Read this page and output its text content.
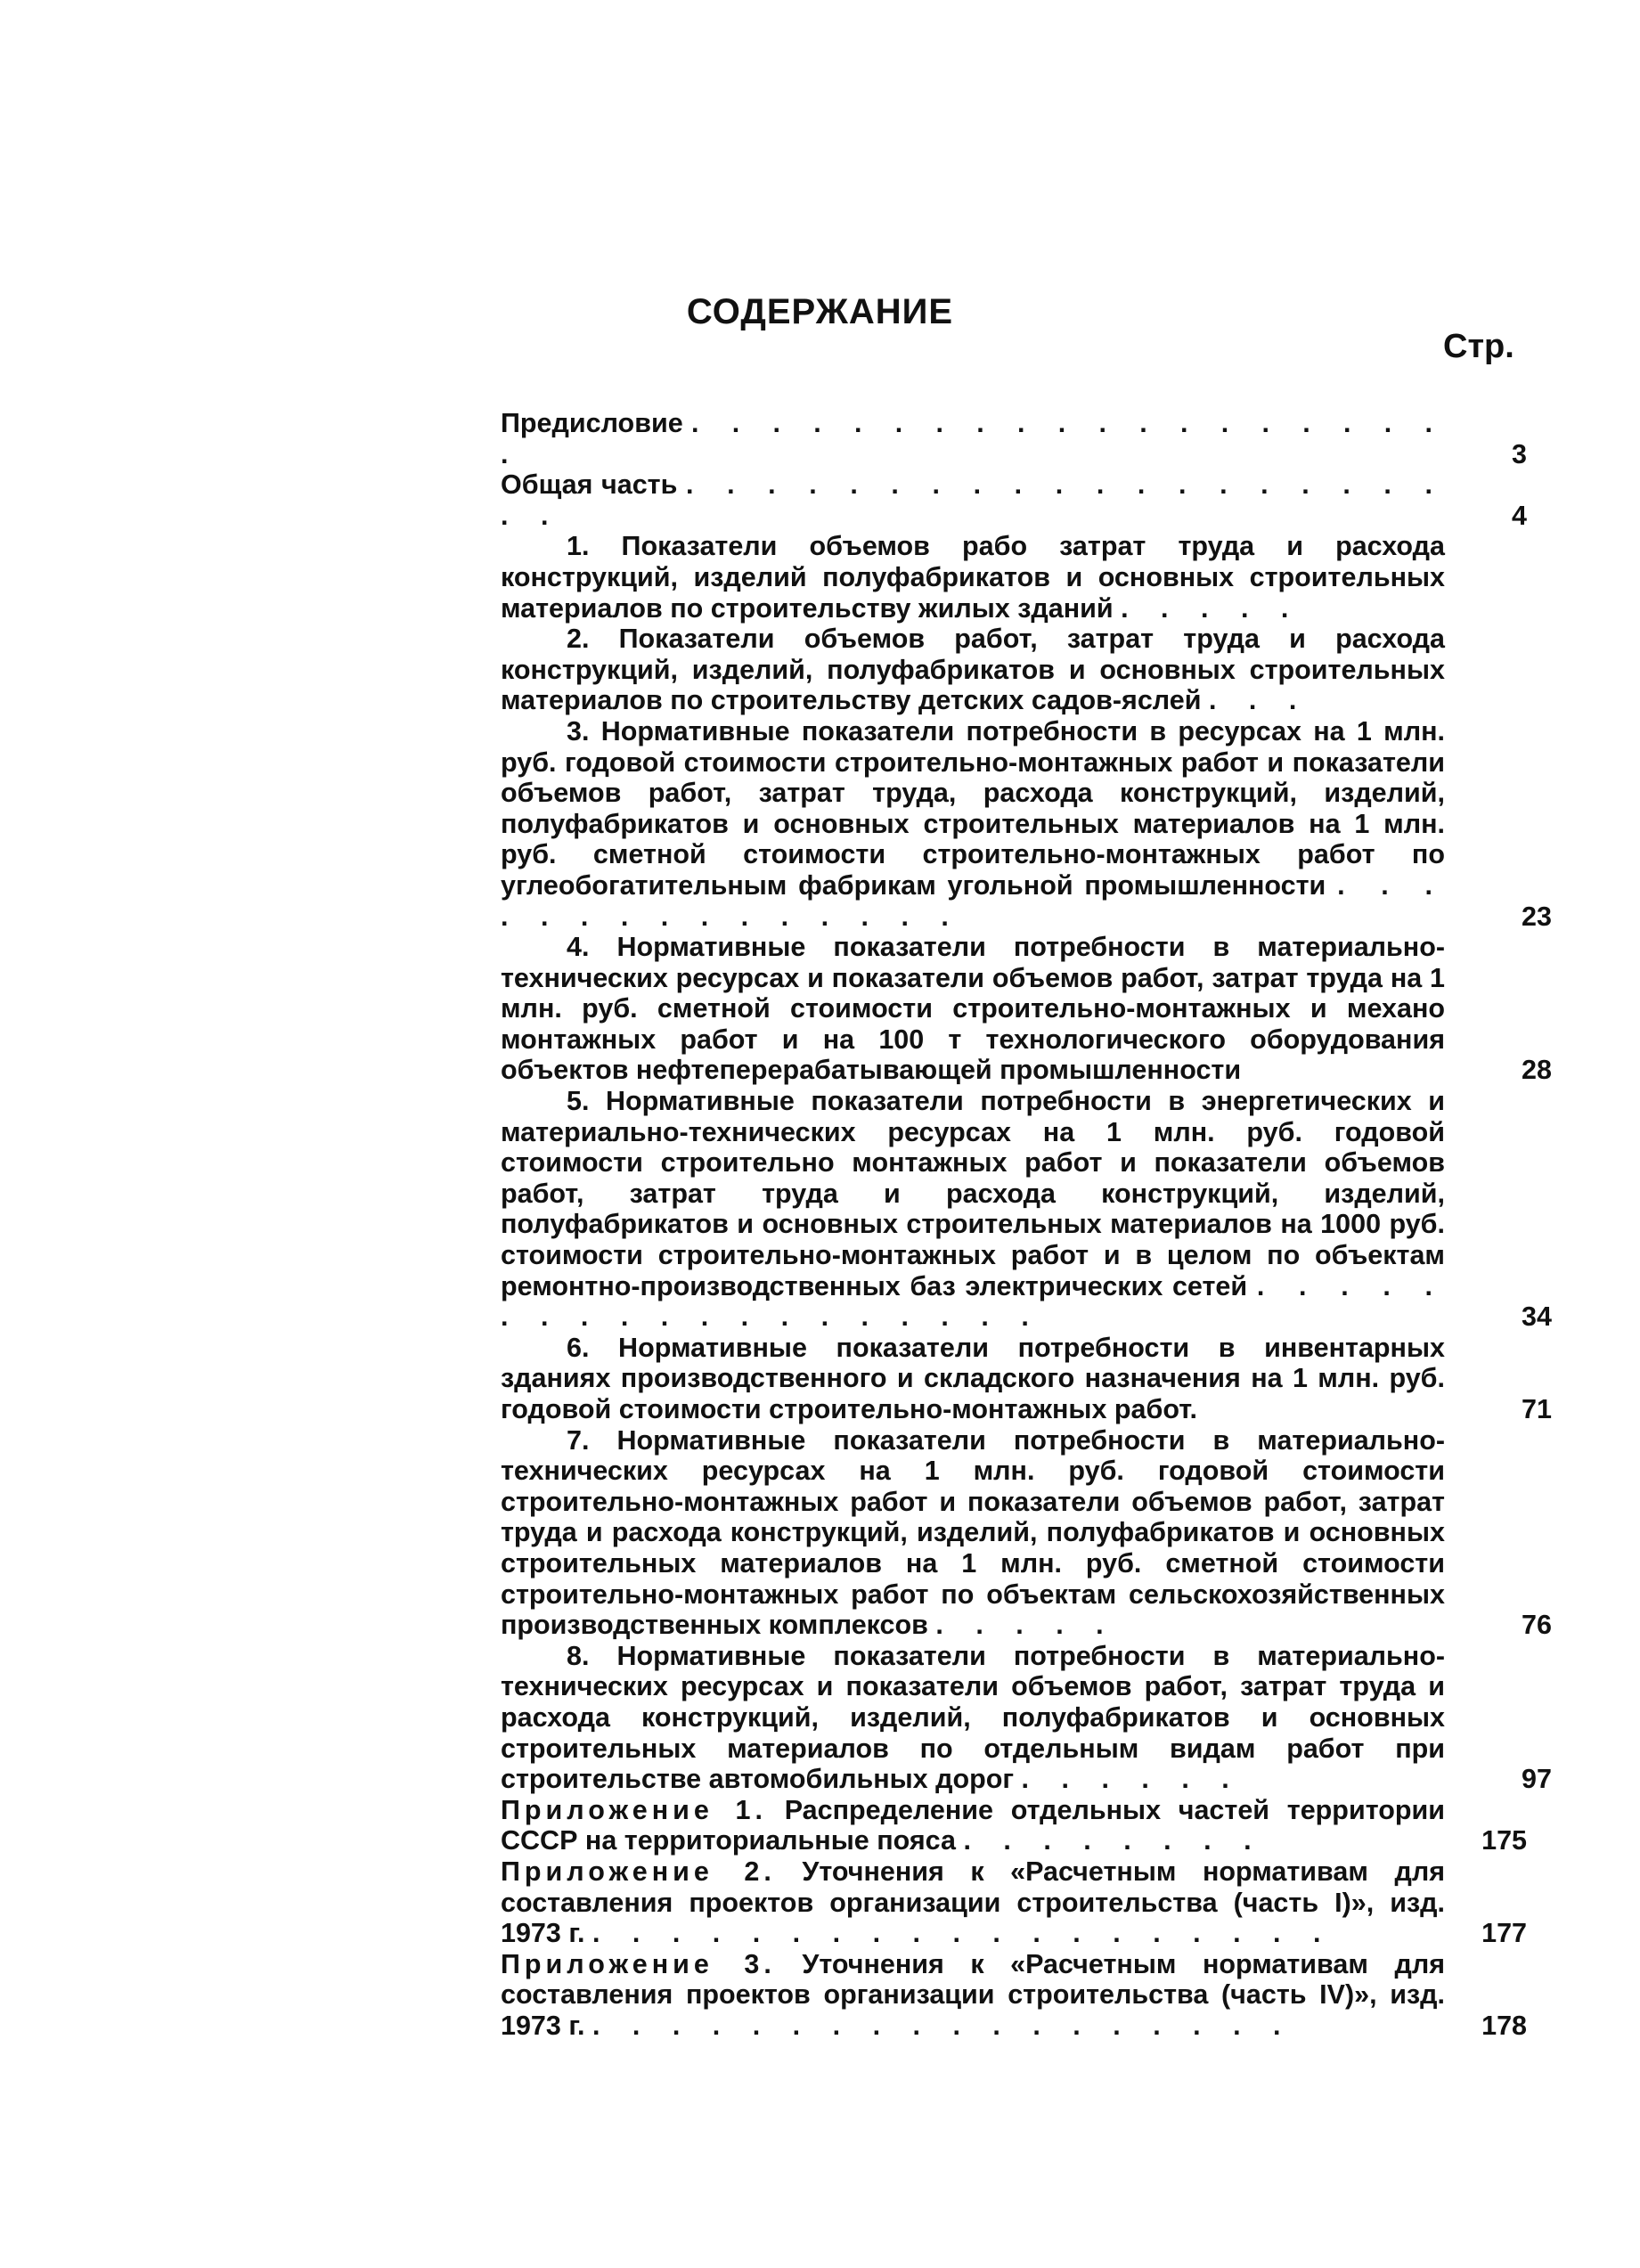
СОДЕРЖАНИЕ
Стр.
Предисловие . . . . . . . . . . . . . . . . . . . .	3
Общая часть . . . . . . . . . . . . . . . . . . . . .	4
1. Показатели объемов рабо затрат труда и расхода конструкций, изделий полуфабрикатов и основных строительных материалов по строительству жилых зданий . . . . .
2. Показатели объемов работ, затрат труда и расхода конструкций, изделий, полуфабрикатов и основных строительных материалов по строительству детских садов-яслей . . .
3. Нормативные показатели потребности в ресурсах на 1 млн. руб. годовой стоимости строительно-монтажных работ и показатели объемов работ, затрат труда, расхода конструкций, изделий, полуфабрикатов и основных строительных материалов на 1 млн. руб. сметной стоимости строительно-монтажных работ по углеобогатительным фабрикам угольной промышленности . . . . . . . . . . . . . . .	23
4. Нормативные показатели потребности в материально-технических ресурсах и показатели объемов работ, затрат труда на 1 млн. руб. сметной стоимости строительно-монтажных и механо монтажных работ и на 100 т технологического оборудования объектов нефтеперерабатывающей промышленности	28
5. Нормативные показатели потребности в энергетических и материально-технических ресурсах на 1 млн. руб. годовой стоимости строительно монтажных работ и показатели объемов работ, затрат труда и расхода конструкций, изделий, полуфабрикатов и основных строительных материалов на 1000 руб. стоимости строительно-монтажных работ и в целом по объектам ремонтно-производственных баз электрических сетей . . . . . . . . . . . . . . . . . . .	34
6. Нормативные показатели потребности в инвентарных зданиях производственного и складского назначения на 1 млн. руб. годовой стоимости строительно-монтажных работ.	71
7. Нормативные показатели потребности в материально-технических ресурсах на 1 млн. руб. годовой стоимости строительно-монтажных работ и показатели объемов работ, затрат труда и расхода конструкций, изделий, полуфабрикатов и основных строительных материалов на 1 млн. руб. сметной стоимости строительно-монтажных работ по объектам сельскохозяйственных производственных комплексов . . . . .	76
8. Нормативные показатели потребности в материально-технических ресурсах и показатели объемов работ, затрат труда и расхода конструкций, изделий, полуфабрикатов и основных строительных материалов по отдельным видам работ при строительстве автомобильных дорог . . . . . .	97
Приложение 1. Распределение отдельных частей территории СССР на территориальные пояса . . . . . . . .	175
Приложение 2. Уточнения к «Расчетным нормативам для составления проектов организации строительства (часть I)», изд. 1973 г. . . . . . . . . . . . . . . . . . . .	177
Приложение 3. Уточнения к «Расчетным нормативам для составления проектов организации строительства (часть IV)», изд. 1973 г. . . . . . . . . . . . . . . . . . .	178
